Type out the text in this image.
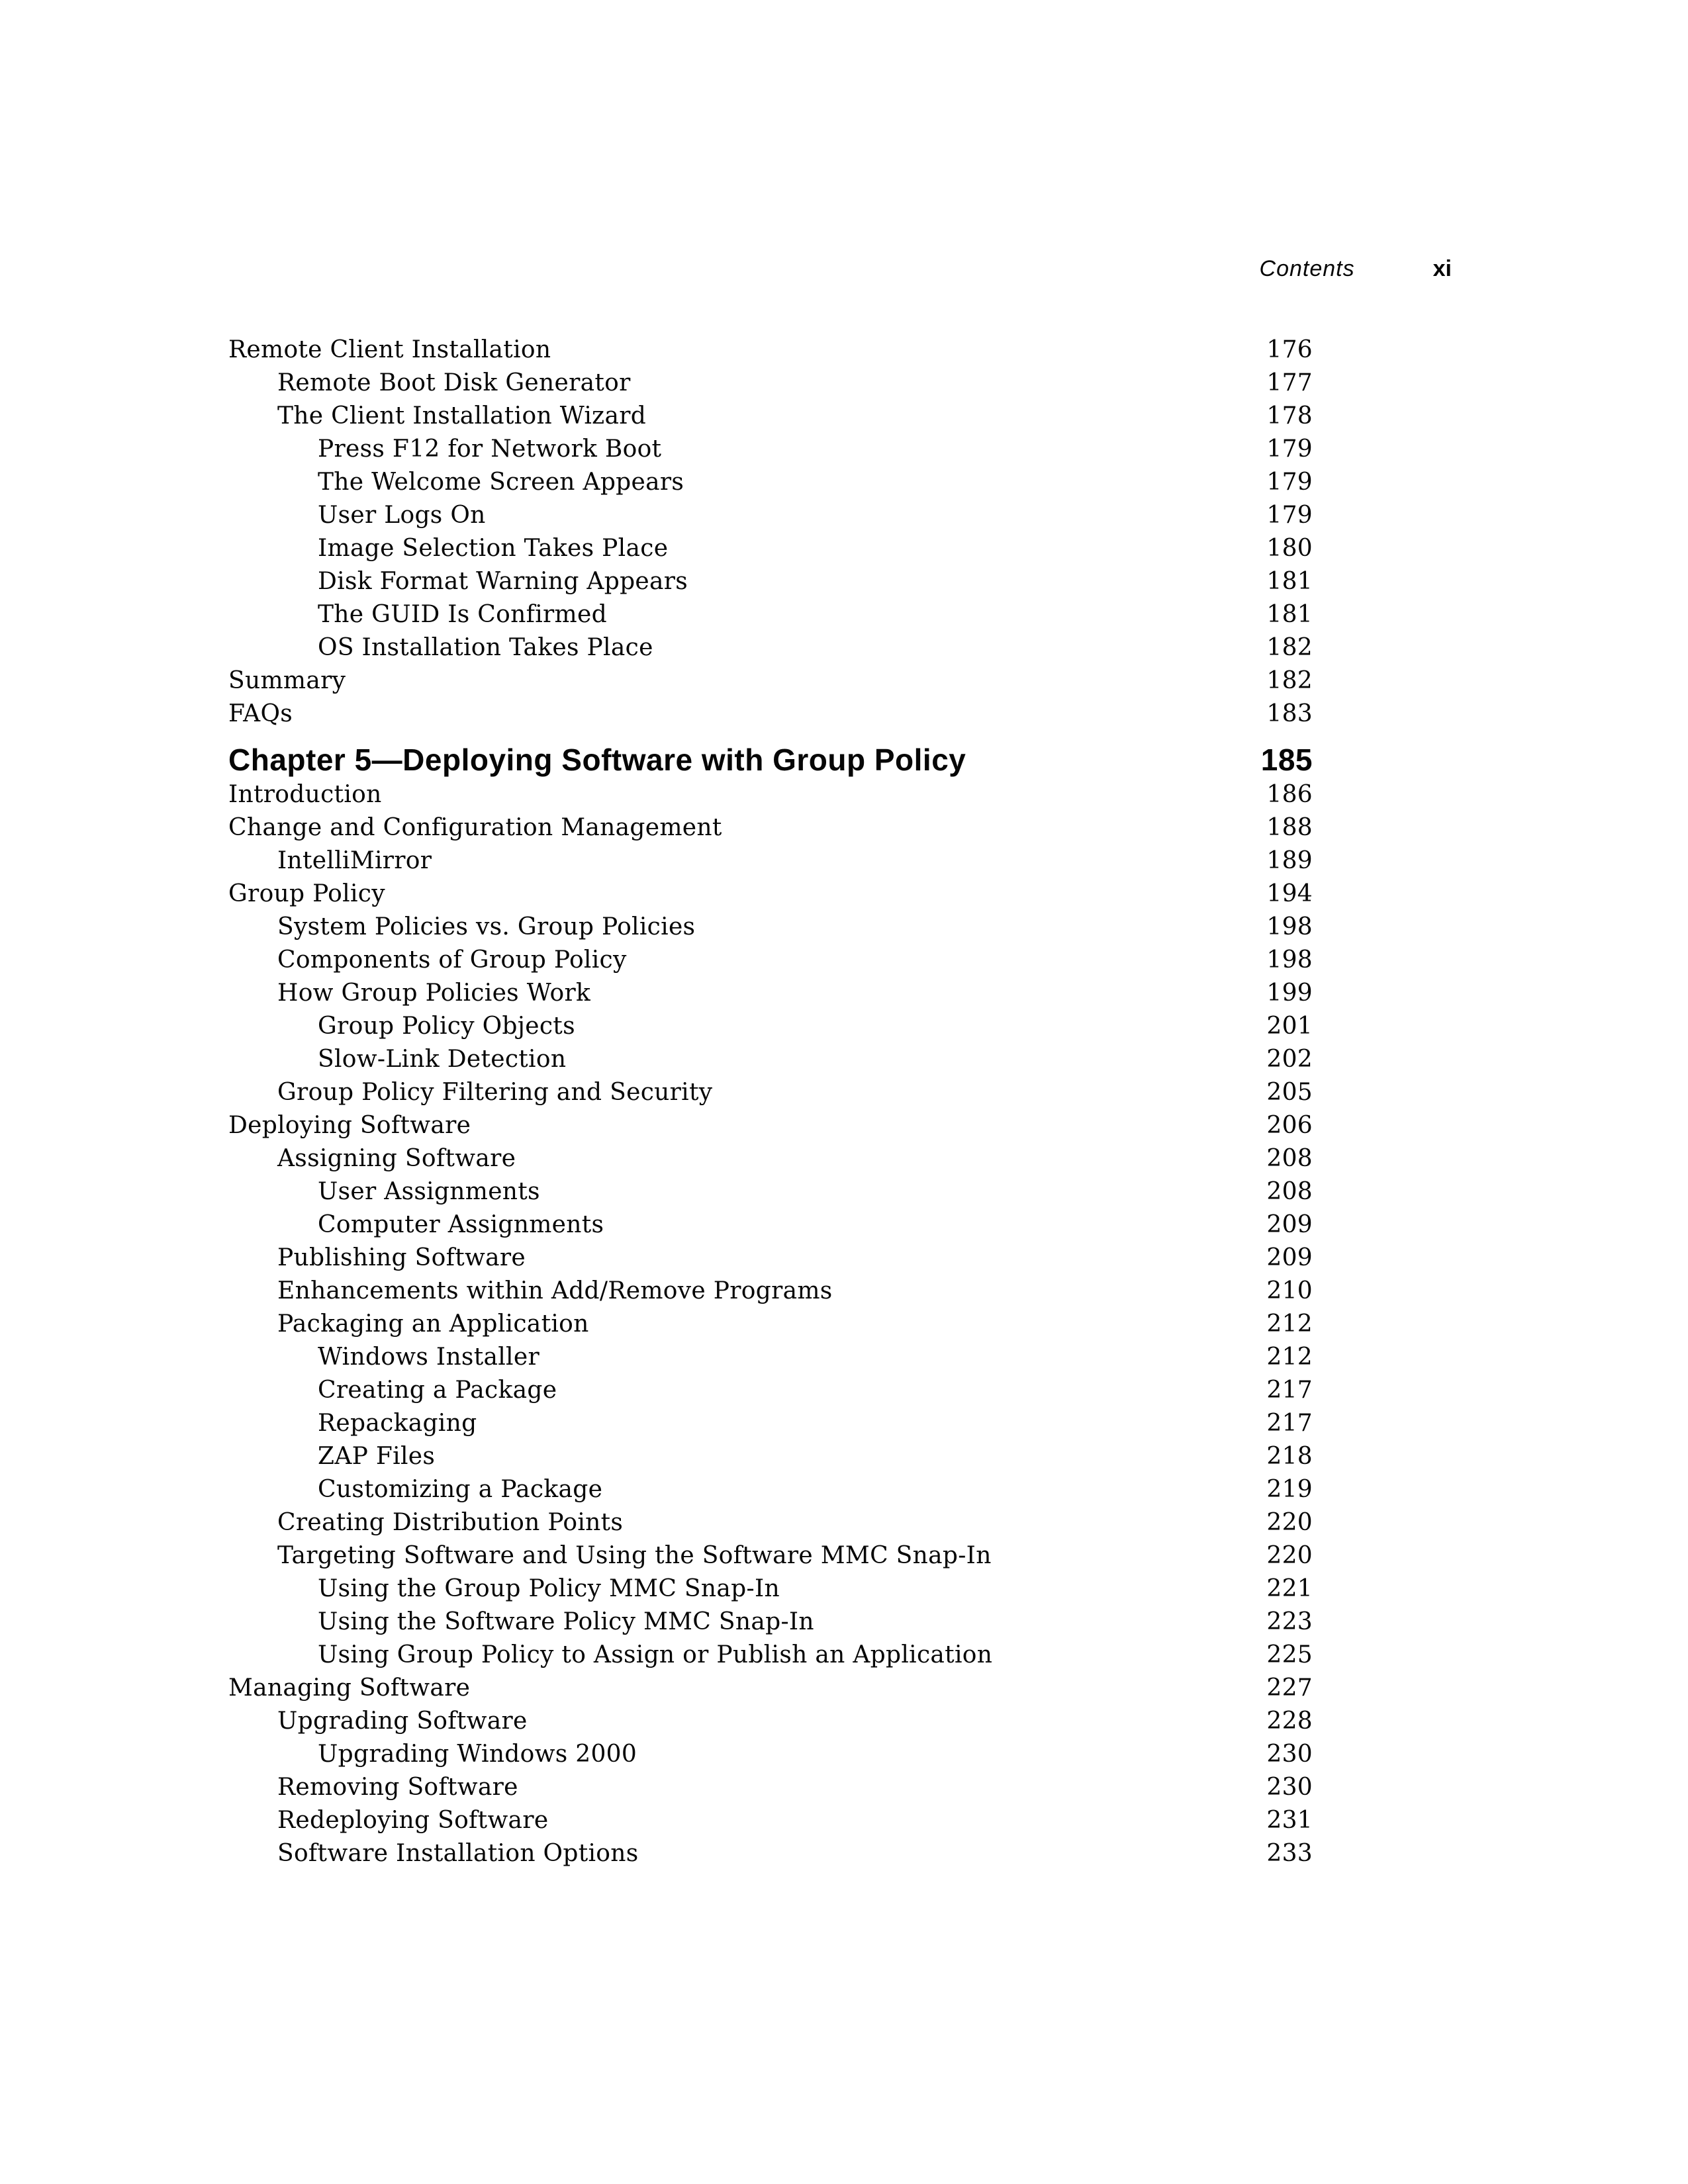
Contents	xi
Remote Client Installation	176
Remote Boot Disk Generator	177
The Client Installation Wizard	178
Press F12 for Network Boot	179
The Welcome Screen Appears	179
User Logs On	179
Image Selection Takes Place	180
Disk Format Warning Appears	181
The GUID Is Confirmed	181
OS Installation Takes Place	182
Summary	182
FAQs	183
Chapter 5—Deploying Software with Group Policy	185
Introduction	186
Change and Configuration Management	188
IntelliMirror	189
Group Policy	194
System Policies vs. Group Policies	198
Components of Group Policy	198
How Group Policies Work	199
Group Policy Objects	201
Slow-Link Detection	202
Group Policy Filtering and Security	205
Deploying Software	206
Assigning Software	208
User Assignments	208
Computer Assignments	209
Publishing Software	209
Enhancements within Add/Remove Programs	210
Packaging an Application	212
Windows Installer	212
Creating a Package	217
Repackaging	217
ZAP Files	218
Customizing a Package	219
Creating Distribution Points	220
Targeting Software and Using the Software MMC Snap-In	220
Using the Group Policy MMC Snap-In	221
Using the Software Policy MMC Snap-In	223
Using Group Policy to Assign or Publish an Application	225
Managing Software	227
Upgrading Software	228
Upgrading Windows 2000	230
Removing Software	230
Redeploying Software	231
Software Installation Options	233
